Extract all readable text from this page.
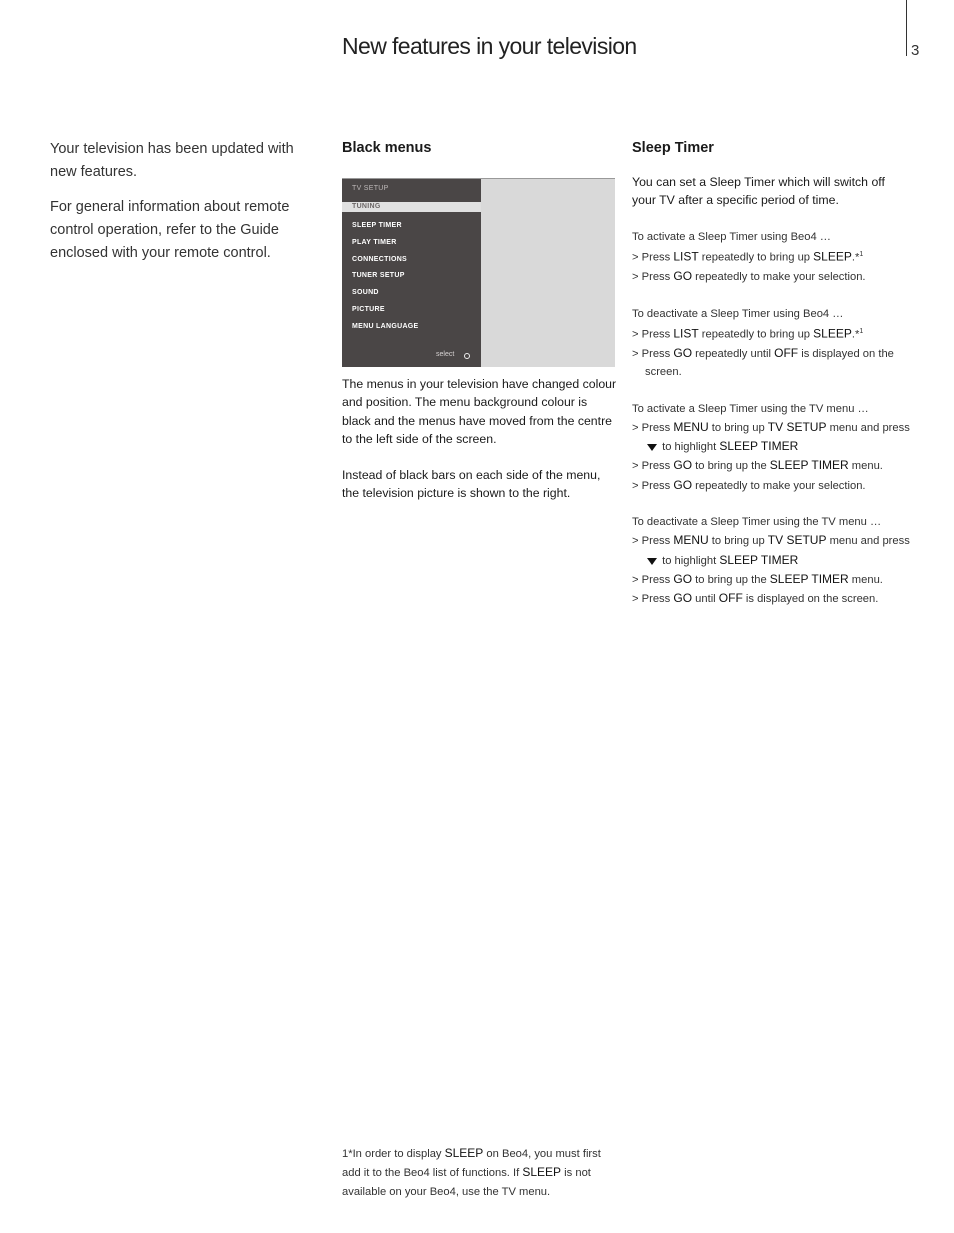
New features in your television	3

Your television has been updated with new features.

For general information about remote control operation, refer to the Guide enclosed with your remote control.

Black menus
TV SETUP
TUNING
SLEEP TIMER
PLAY TIMER
CONNECTIONS
TUNER SETUP
SOUND
PICTURE
MENU LANGUAGE
select

The menus in your television have changed colour and position. The menu background colour is black and the menus have moved from the centre to the left side of the screen.

Instead of black bars on each side of the menu, the television picture is shown to the right.

Sleep Timer
You can set a Sleep Timer which will switch off your TV after a specific period of time.

To activate a Sleep Timer using Beo4 …

> Press LIST repeatedly to bring up SLEEP.*$^1$

> Press GO repeatedly to make your selection.

To deactivate a Sleep Timer using Beo4 …

> Press LIST repeatedly to bring up SLEEP.*$^1$

> Press GO repeatedly until OFF is displayed on the screen.

To activate a Sleep Timer using the TV menu …

> Press MENU to bring up TV SETUP menu and press  to highlight SLEEP TIMER

> Press GO to bring up the SLEEP TIMER menu.

> Press GO repeatedly to make your selection.

To deactivate a Sleep Timer using the TV menu …

> Press MENU to bring up TV SETUP menu and press  to highlight SLEEP TIMER

> Press GO to bring up the SLEEP TIMER menu.

> Press GO until OFF is displayed on the screen.

1*In order to display SLEEP on Beo4, you must first add it to the Beo4 list of functions. If SLEEP is not available on your Beo4, use the TV menu.
